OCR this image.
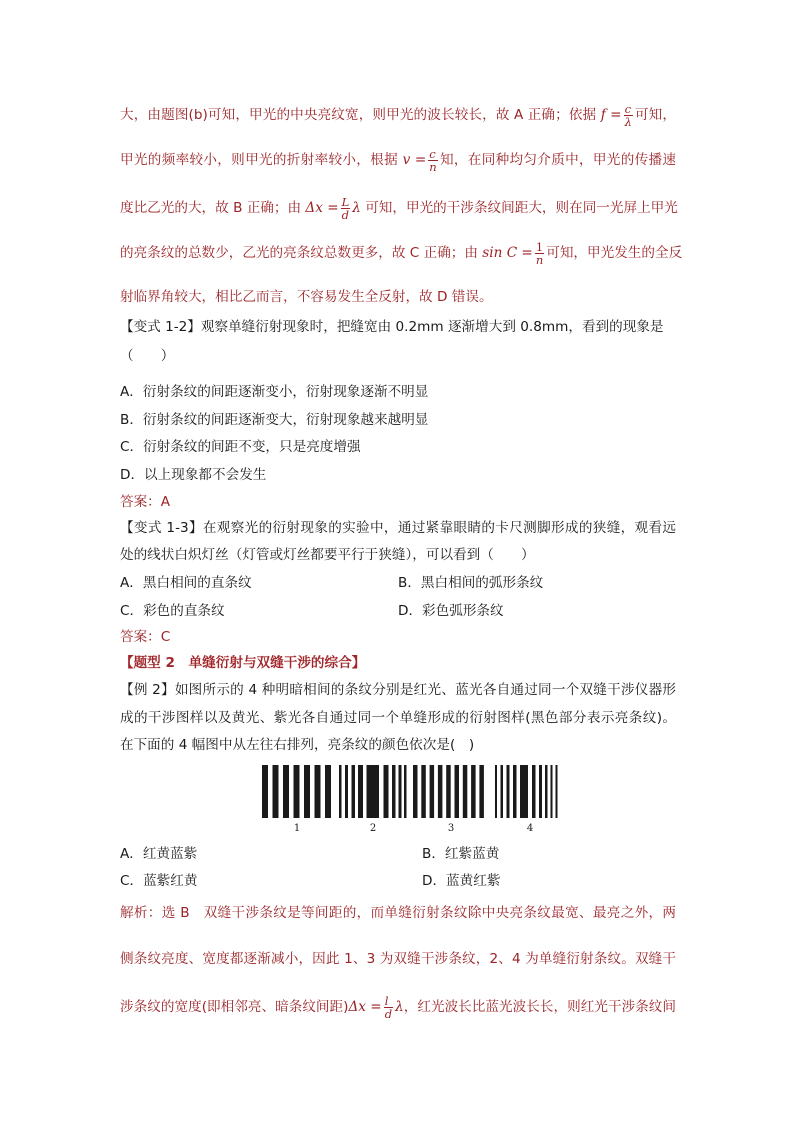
大，由题图(b)可知，甲光的中央亮纹宽，则甲光的波长较长，故 A 正确；依据 $f = \frac{c}{\lambda}$ 可知，
甲光的频率较小，则甲光的折射率较小，根据 $v = \frac{c}{n}$ 知，在同种均匀介质中，甲光的传播速
度比乙光的大，故 B 正确；由 $\Delta x = \frac{L}{d}$ λ 可知，甲光的干涉条纹间距大，则在同一光屏上甲光
的亮条纹的总数少，乙光的亮条纹总数更多，故 C 正确；由 $\sin C = \frac{1}{n}$ 可知，甲光发生的全反
射临界角较大，相比乙而言，不容易发生全反射，故 D 错误。
【变式 1-2】观察单缝衍射现象时，把缝宽由 0.2mm 逐渐增大到 0.8mm，看到的现象是
（　　）
A．衍射条纹的间距逐渐变小，衍射现象逐渐不明显
B．衍射条纹的间距逐渐变大，衍射现象越来越明显
C．衍射条纹的间距不变，只是亮度增强
D．以上现象都不会发生
答案：A
【变式 1-3】在观察光的衍射现象的实验中，通过紧靠眼睛的卡尺测脚形成的狭缝，观看远
处的线状白炽灯丝（灯管或灯丝都要平行于狭缝），可以看到（　　）
A．黑白相间的直条纹	B．黑白相间的弧形条纹
C．彩色的直条纹	D．彩色弧形条纹
答案：C
【题型 2　单缝衍射与双缝干涉的综合】
【例 2】如图所示的 4 种明暗相间的条纹分别是红光、蓝光各自通过同一个双缝干涉仪器形
成的干涉图样以及黄光、紫光各自通过同一个单缝形成的衍射图样(黑色部分表示亮条纹)。
在下面的 4 幅图中从左往右排列，亮条纹的颜色依次是(　)
1	2	3	4
A．红黄蓝紫	B．红紫蓝黄
C．蓝紫红黄	D．蓝黄红紫
解析：选 B　双缝干涉条纹是等间距的，而单缝衍射条纹除中央亮条纹最宽、最亮之外，两
侧条纹亮度、宽度都逐渐减小，因此 1、3 为双缝干涉条纹，2、4 为单缝衍射条纹。双缝干
涉条纹的宽度(即相邻亮、暗条纹间距)$\Delta x = \frac{l}{d}$ λ，红光波长比蓝光波长长，则红光干涉条纹间
